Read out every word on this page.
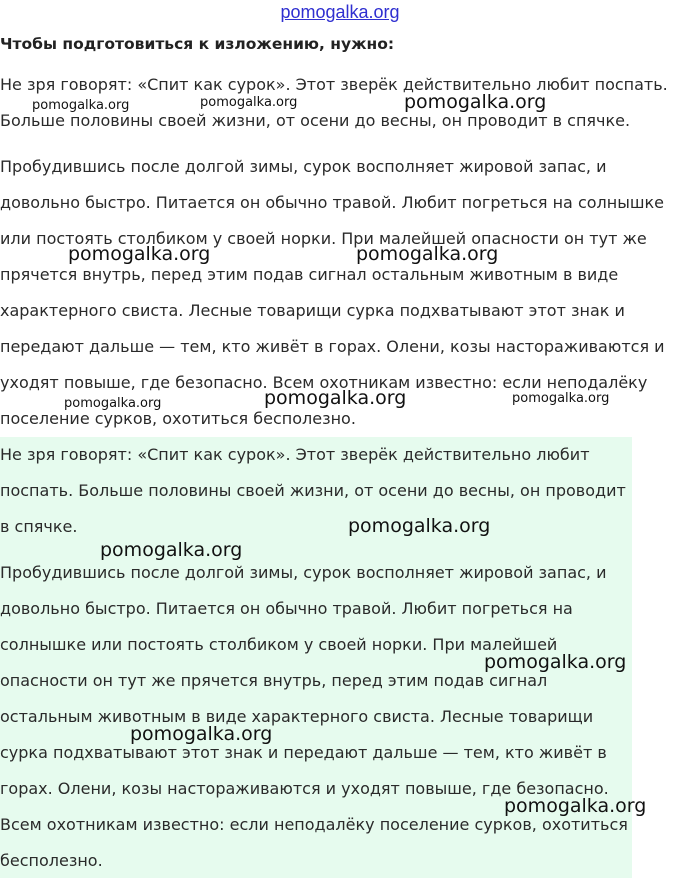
pomogalka.org
Чтобы подготовиться к изложению, нужно:

Не зря говорят: «Спит как сурок». Этот зверёк действительно любит поспать. Больше половины своей жизни, от осени до весны, он проводит в спячке.

Пробудившись после долгой зимы, сурок восполняет жировой запас, и довольно быстро. Питается он обычно травой. Любит погреться на солнышке или постоять столбиком у своей норки. При малейшей опасности он тут же прячется внутрь, перед этим подав сигнал остальным животным в виде характерного свиста. Лесные товарищи сурка подхватывают этот знак и передают дальше — тем, кто живёт в горах. Олени, козы настораживаются и уходят повыше, где безопасно. Всем охотникам известно: если неподалёку поселение сурков, охотиться бесполезно.

Не зря говорят: «Спит как сурок». Этот зверёк действительно любит поспать. Больше половины своей жизни, от осени до весны, он проводит в спячке.

Пробудившись после долгой зимы, сурок восполняет жировой запас, и довольно быстро. Питается он обычно травой. Любит погреться на солнышке или постоять столбиком у своей норки. При малейшей опасности он тут же прячется внутрь, перед этим подав сигнал остальным животным в виде характерного свиста. Лесные товарищи сурка подхватывают этот знак и передают дальше — тем, кто живёт в горах. Олени, козы настораживаются и уходят повыше, где безопасно. Всем охотникам известно: если неподалёку поселение сурков, охотиться бесполезно.

pomogalka.org	pomogalka.org	pomogalka.org
pomogalka.org	pomogalka.org
pomogalka.org	pomogalka.org	pomogalka.org
pomogalka.org
pomogalka.org
pomogalka.org
pomogalka.org
pomogalka.org
